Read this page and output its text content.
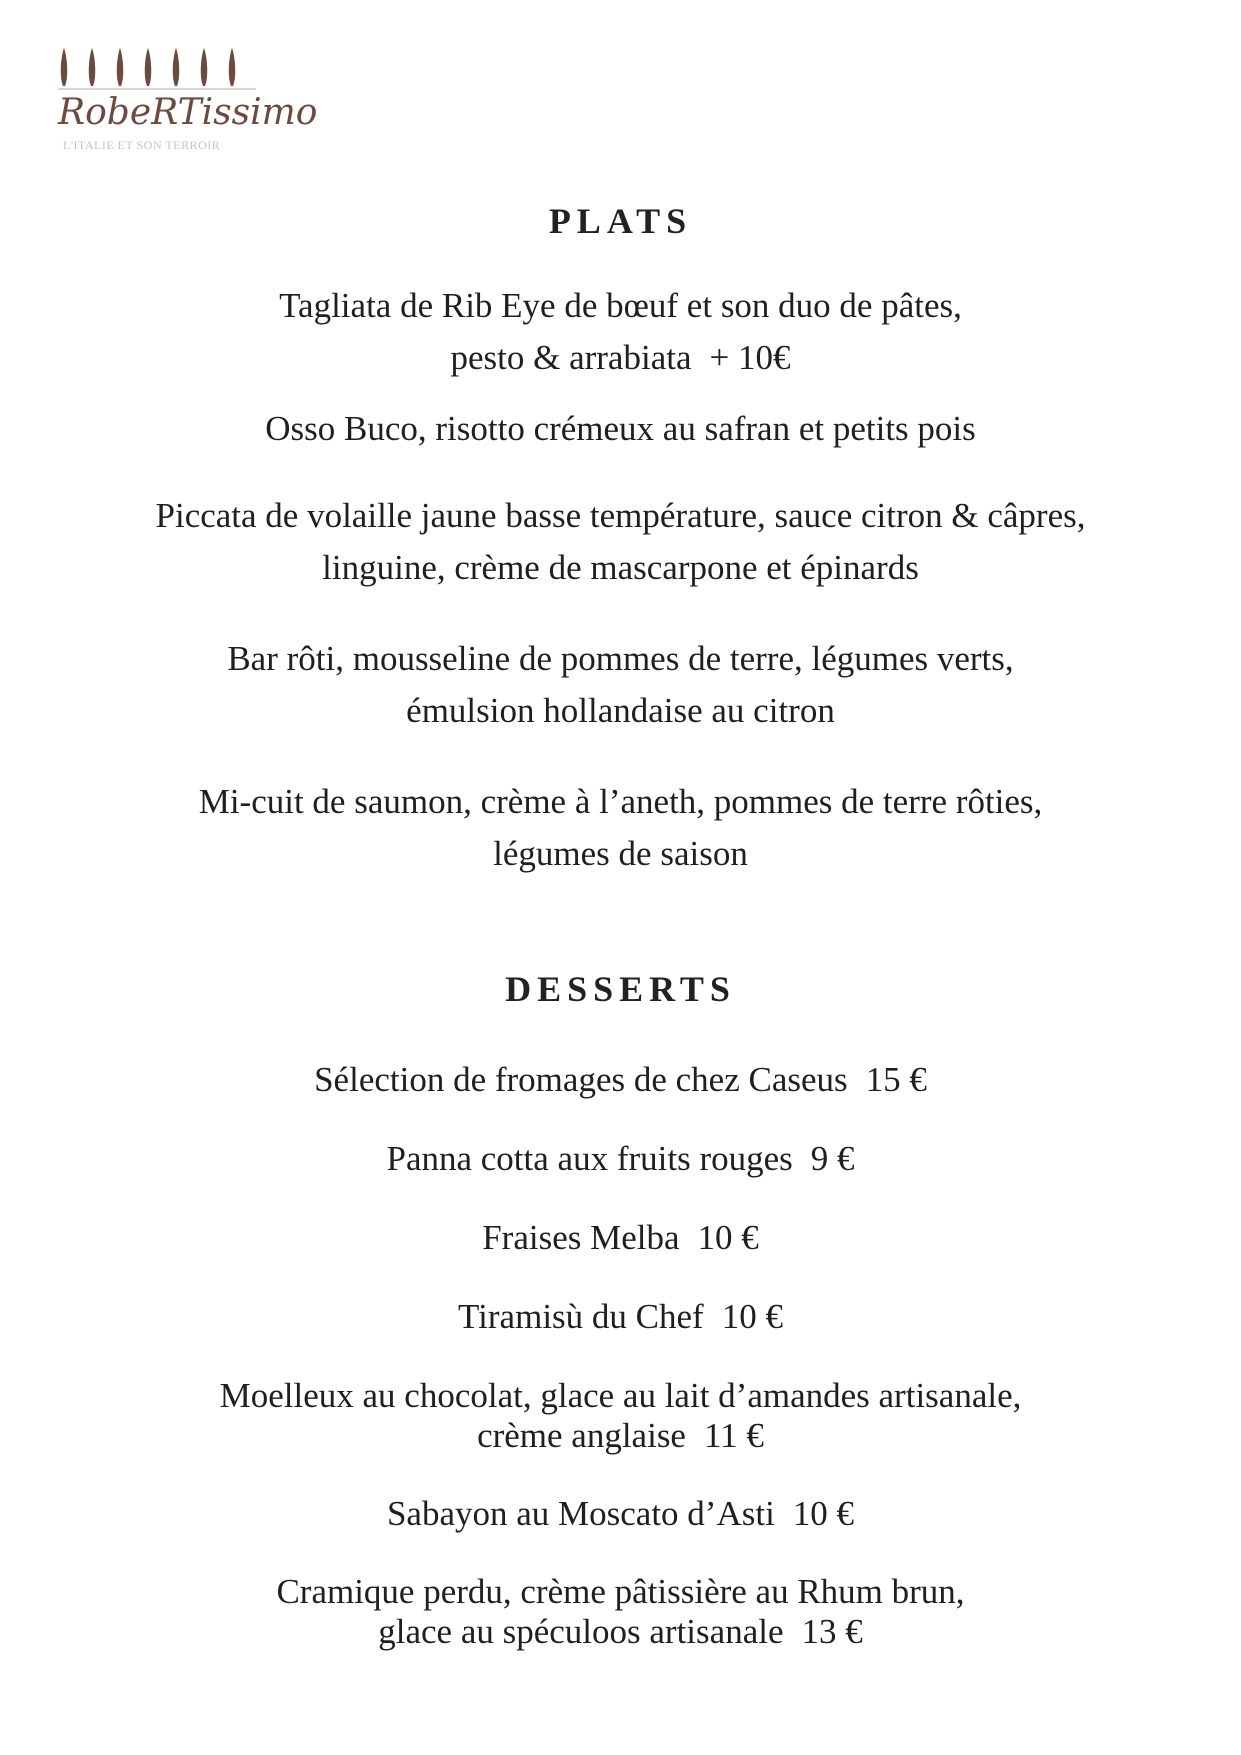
RobeRTissimo
L'ITALIE ET SON TERROIR
PLATS
Tagliata de Rib Eye de bœuf et son duo de pâtes,
pesto & arrabiata + 10€
Osso Buco, risotto crémeux au safran et petits pois
Piccata de volaille jaune basse température, sauce citron & câpres,
linguine, crème de mascarpone et épinards
Bar rôti, mousseline de pommes de terre, légumes verts,
émulsion hollandaise au citron
Mi-cuit de saumon, crème à l’aneth, pommes de terre rôties,
légumes de saison
DESSERTS
Sélection de fromages de chez Caseus 15 €
Panna cotta aux fruits rouges 9 €
Fraises Melba 10 €
Tiramisù du Chef 10 €
Moelleux au chocolat, glace au lait d’amandes artisanale,
crème anglaise 11 €
Sabayon au Moscato d’Asti 10 €
Cramique perdu, crème pâtissière au Rhum brun,
glace au spéculoos artisanale 13 €
